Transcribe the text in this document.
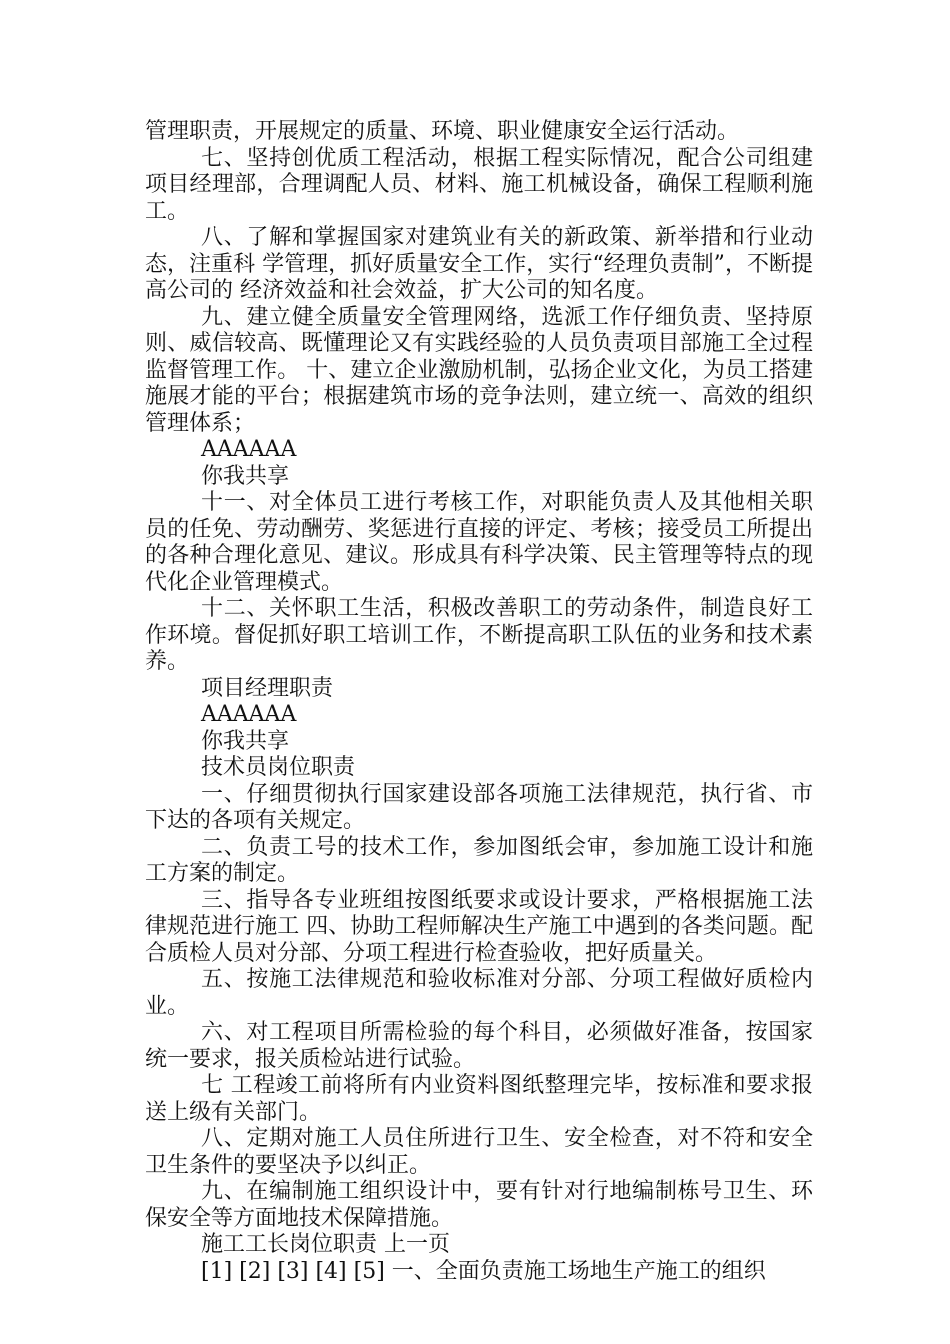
管理职责，开展规定的质量、环境、职业健康安全运行活动。

七、坚持创优质工程活动，根据工程实际情况，配合公司组建项目经理部，合理调配人员、材料、施工机械设备，确保工程顺利施工。

八、了解和掌握国家对建筑业有关的新政策、新举措和行业动态，注重科 学管理，抓好质量安全工作，实行“经理负责制”，不断提高公司的 经济效益和社会效益，扩大公司的知名度。

九、建立健全质量安全管理网络，选派工作仔细负责、坚持原则、威信较高、既懂理论又有实践经验的人员负责项目部施工全过程监督管理工作。 十、建立企业激励机制，弘扬企业文化，为员工搭建施展才能的平台；根据建筑市场的竞争法则，建立统一、高效的组织管理体系；

AAAAAA

你我共享

十一、对全体员工进行考核工作，对职能负责人及其他相关职员的任免、劳动酬劳、奖惩进行直接的评定、考核；接受员工所提出的各种合理化意见、建议。形成具有科学决策、民主管理等特点的现代化企业管理模式。

十二、关怀职工生活，积极改善职工的劳动条件，制造良好工作环境。督促抓好职工培训工作，不断提高职工队伍的业务和技术素养。

项目经理职责

AAAAAA

你我共享

技术员岗位职责

一、仔细贯彻执行国家建设部各项施工法律规范，执行省、市下达的各项有关规定。

二、负责工号的技术工作，参加图纸会审，参加施工设计和施工方案的制定。

三、指导各专业班组按图纸要求或设计要求，严格根据施工法律规范进行施工 四、协助工程师解决生产施工中遇到的各类问题。配合质检人员对分部、分项工程进行检查验收，把好质量关。

五、按施工法律规范和验收标准对分部、分项工程做好质检内业。

六、对工程项目所需检验的每个科目，必须做好准备，按国家统一要求，报关质检站进行试验。

七 工程竣工前将所有内业资料图纸整理完毕，按标准和要求报送上级有关部门。

八、定期对施工人员住所进行卫生、安全检查，对不符和安全卫生条件的要坚决予以纠正。

九、在编制施工组织设计中，要有针对行地编制栋号卫生、环保安全等方面地技术保障措施。

施工工长岗位职责 上一页

[1] [2] [3] [4] [5] 一、全面负责施工场地生产施工的组织
